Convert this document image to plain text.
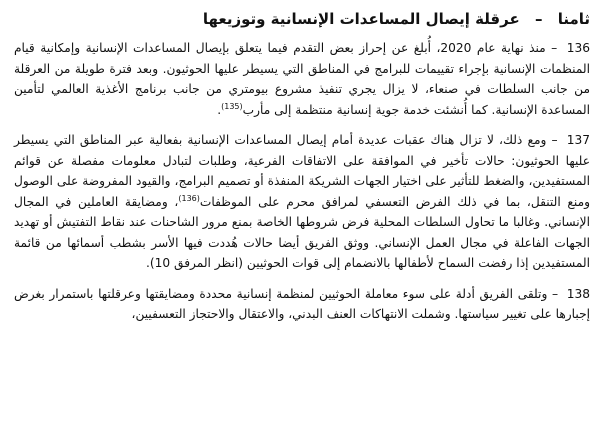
ثامنا – عرقلة إيصال المساعدات الإنسانية وتوزيعها

136 – منذ نهاية عام 2020، أُبلغ عن إحراز بعض التقدم فيما يتعلق بإيصال المساعدات الإنسانية وإمكانية قيام المنظمات الإنسانية بإجراء تقييمات للبرامج في المناطق التي يسيطر عليها الحوثيون. وبعد فترة طويلة من العرقلة من جانب السلطات في صنعاء، لا يزال يجري تنفيذ مشروع بيومتري من جانب برنامج الأغذية العالمي لتأمين المساعدة الإنسانية. كما أُنشئت خدمة جوية إنسانية منتظمة إلى مأرب$^{(135)}$.

137 – ومع ذلك، لا تزال هناك عقبات عديدة أمام إيصال المساعدات الإنسانية بفعالية عبر المناطق التي يسيطر عليها الحوثيون: حالات تأخير في الموافقة على الاتفاقات الفرعية، وطلبات لتبادل معلومات مفصلة عن قوائم المستفيدين، والضغط للتأثير على اختيار الجهات الشريكة المنفذة أو تصميم البرامج، والقيود المفروضة على الوصول ومنع التنقل، بما في ذلك الفرض التعسفي لمرافق محرم على الموظفات$^{(136)}$، ومضايقة العاملين في المجال الإنساني. وغالبا ما تحاول السلطات المحلية فرض شروطها الخاصة بمنع مرور الشاحنات عند نقاط التفتيش أو تهديد الجهات الفاعلة في مجال العمل الإنساني. ووثق الفريق أيضا حالات هُددت فيها الأسر بشطب أسمائها من قائمة المستفيدين إذا رفضت السماح لأطفالها بالانضمام إلى قوات الحوثيين (انظر المرفق 10).

138 – وتلقى الفريق أدلة على سوء معاملة الحوثيين لمنظمة إنسانية محددة ومضايقتها وعرقلتها باستمرار بغرض إجبارها على تغيير سياستها. وشملت الانتهاكات العنف البدني، والاعتقال والاحتجاز التعسفيين،
